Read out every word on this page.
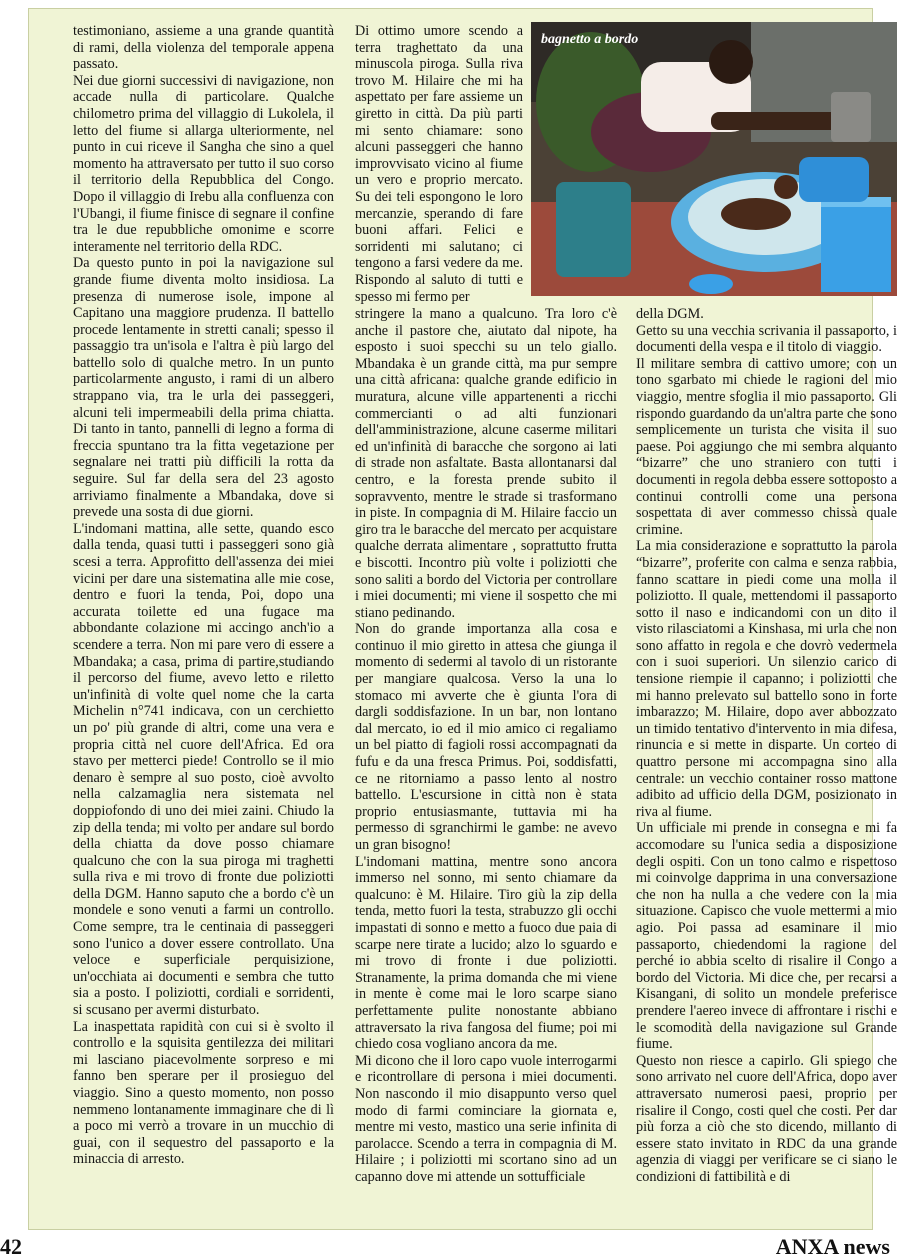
testimoniano, assieme a una grande quantità di rami, della violenza del temporale appena passato.

Nei due giorni successivi di navigazione, non accade nulla di particolare. Qualche chilometro prima del villaggio di Lukolela, il letto del fiume si allarga ulteriormente, nel punto in cui riceve il Sangha che sino a quel momento ha attraversato per tutto il suo corso il territorio della Repubblica del Congo. Dopo il villaggio di Irebu alla confluenza con l'Ubangi, il fiume finisce di segnare il confine tra le due repubbliche omonime e scorre interamente nel territorio della RDC.

Da questo punto in poi la navigazione sul grande fiume diventa molto insidiosa. La presenza di numerose isole, impone al Capitano una maggiore prudenza. Il battello procede lentamente in stretti canali; spesso il passaggio tra un'isola e l'altra è più largo del battello solo di qualche metro. In un punto particolarmente angusto, i rami di un albero strappano via, tra le urla dei passeggeri, alcuni teli impermeabili della prima chiatta. Di tanto in tanto, pannelli di legno a forma di freccia spuntano tra la fitta vegetazione per segnalare nei tratti più difficili la rotta da seguire. Sul far della sera del 23 agosto arriviamo finalmente a Mbandaka, dove si prevede una sosta di due giorni.

L'indomani mattina, alle sette, quando esco dalla tenda, quasi tutti i passeggeri sono già scesi a terra. Approfitto dell'assenza dei miei vicini per dare una sistematina alle mie cose, dentro e fuori la tenda, Poi, dopo una accurata toilette ed una fugace ma abbondante colazione mi accingo anch'io a scendere a terra. Non mi pare vero di essere a Mbandaka; a casa, prima di partire,studiando il percorso del fiume, avevo letto e riletto un'infinità di volte quel nome che la carta Michelin n°741 indicava, con un cerchietto un po' più grande di altri, come una vera e propria città nel cuore dell'Africa. Ed ora stavo per metterci piede! Controllo se il mio denaro è sempre al suo posto, cioè avvolto nella calzamaglia nera sistemata nel doppiofondo di uno dei miei zaini. Chiudo la zip della tenda; mi volto per andare sul bordo della chiatta da dove posso chiamare qualcuno che con la sua piroga mi traghetti sulla riva e mi trovo di fronte due poliziotti della DGM. Hanno saputo che a bordo c'è un mondele e sono venuti a farmi un controllo. Come sempre, tra le centinaia di passeggeri sono l'unico a dover essere controllato. Una veloce e superficiale perquisizione, un'occhiata ai documenti e sembra che tutto sia a posto. I poliziotti, cordiali e sorridenti, si scusano per avermi disturbato.

La inaspettata rapidità con cui si è svolto il controllo e la squisita gentilezza dei militari mi lasciano piacevolmente sorpreso e mi fanno ben sperare per il prosieguo del viaggio. Sino a questo momento, non posso nemmeno lontanamente immaginare che di lì a poco mi verrò a trovare in un mucchio di guai, con il sequestro del passaporto e la minaccia di arresto.

Di ottimo umore scendo a terra traghettato da una minuscola piroga. Sulla riva trovo M. Hilaire che mi ha aspettato per fare assieme un giretto in città. Da più parti mi sento chiamare: sono alcuni passeggeri che hanno improvvisato vicino al fiume un vero e proprio mercato. Su dei teli espongono le loro mercanzie, sperando di fare buoni affari. Felici e sorridenti mi salutano; ci tengono a farsi vedere da me. Rispondo al saluto di tutti e spesso mi fermo per

bagnetto a bordo

stringere la mano a qualcuno. Tra loro c'è anche il pastore che, aiutato dal nipote, ha esposto i suoi specchi su un telo giallo. Mbandaka è un grande città, ma pur sempre una città africana: qualche grande edificio in muratura, alcune ville appartenenti a ricchi commercianti o ad alti funzionari dell'amministrazione, alcune caserme militari ed un'infinità di baracche che sorgono ai lati di strade non asfaltate. Basta allontanarsi dal centro, e la foresta prende subito il sopravvento, mentre le strade si trasformano in piste. In compagnia di M. Hilaire faccio un giro tra le baracche del mercato per acquistare qualche derrata alimentare , soprattutto frutta e biscotti. Incontro più volte i poliziotti che sono saliti a bordo del Victoria per controllare i miei documenti; mi viene il sospetto che mi stiano pedinando.

Non do grande importanza alla cosa e continuo il mio giretto in attesa che giunga il momento di sedermi al tavolo di un ristorante per mangiare qualcosa. Verso la una lo stomaco mi avverte che è giunta l'ora di dargli soddisfazione. In un bar, non lontano dal mercato, io ed il mio amico ci regaliamo un bel piatto di fagioli rossi accompagnati da fufu e da una fresca Primus. Poi, soddisfatti, ce ne ritorniamo a passo lento al nostro battello. L'escursione in città non è stata proprio entusiasmante, tuttavia mi ha permesso di sgranchirmi le gambe: ne avevo un gran bisogno!

L'indomani mattina, mentre sono ancora immerso nel sonno, mi sento chiamare da qualcuno: è M. Hilaire. Tiro giù la zip della tenda, metto fuori la testa, strabuzzo gli occhi impastati di sonno e metto a fuoco due paia di scarpe nere tirate a lucido; alzo lo sguardo e mi trovo di fronte i due poliziotti. Stranamente, la prima domanda che mi viene in mente è come mai le loro scarpe siano perfettamente pulite nonostante abbiano attraversato la riva fangosa del fiume; poi mi chiedo cosa vogliano ancora da me.

Mi dicono che il loro capo vuole interrogarmi e ricontrollare di persona i miei documenti. Non nascondo il mio disappunto verso quel modo di farmi cominciare la giornata e, mentre mi vesto, mastico una serie infinita di parolacce. Scendo a terra in compagnia di M. Hilaire ; i poliziotti mi scortano sino ad un capanno dove mi attende un sottufficiale

della DGM.

Getto su una vecchia scrivania il passaporto, i documenti della vespa e il titolo di viaggio.

Il militare sembra di cattivo umore; con un tono sgarbato mi chiede le ragioni del mio viaggio, mentre sfoglia il mio passaporto. Gli rispondo guardando da un'altra parte che sono semplicemente un turista che visita il suo paese. Poi aggiungo che mi sembra alquanto “bizarre” che uno straniero con tutti i documenti in regola debba essere sottoposto a continui controlli come una persona sospettata di aver commesso chissà quale crimine.

La mia considerazione e soprattutto la parola “bizarre”, proferite con calma e senza rabbia, fanno scattare in piedi come una molla il poliziotto. Il quale, mettendomi il passaporto sotto il naso e indicandomi con un dito il visto rilasciatomi a Kinshasa, mi urla che non sono affatto in regola e che dovrò vedermela con i suoi superiori. Un silenzio carico di tensione riempie il capanno; i poliziotti che mi hanno prelevato sul battello sono in forte imbarazzo; M. Hilaire, dopo aver abbozzato un timido tentativo d'intervento in mia difesa, rinuncia e si mette in disparte. Un corteo di quattro persone mi accompagna sino alla centrale: un vecchio container rosso mattone adibito ad ufficio della DGM, posizionato in riva al fiume.

Un ufficiale mi prende in consegna e mi fa accomodare su l'unica sedia a disposizione degli ospiti. Con un tono calmo e rispettoso mi coinvolge dapprima in una conversazione che non ha nulla a che vedere con la mia situazione. Capisco che vuole mettermi a mio agio. Poi passa ad esaminare il mio passaporto, chiedendomi la ragione del perché io abbia scelto di risalire il Congo a bordo del Victoria. Mi dice che, per recarsi a Kisangani, di solito un mondele preferisce prendere l'aereo invece di affrontare i rischi e le scomodità della navigazione sul Grande fiume.

Questo non riesce a capirlo. Gli spiego che sono arrivato nel cuore dell'Africa, dopo aver attraversato numerosi paesi, proprio per risalire il Congo, costi quel che costi. Per dar più forza a ciò che sto dicendo, millanto di essere stato invitato in RDC da una grande agenzia di viaggi per verificare se ci siano le condizioni di fattibilità e di

42	ANXA news
